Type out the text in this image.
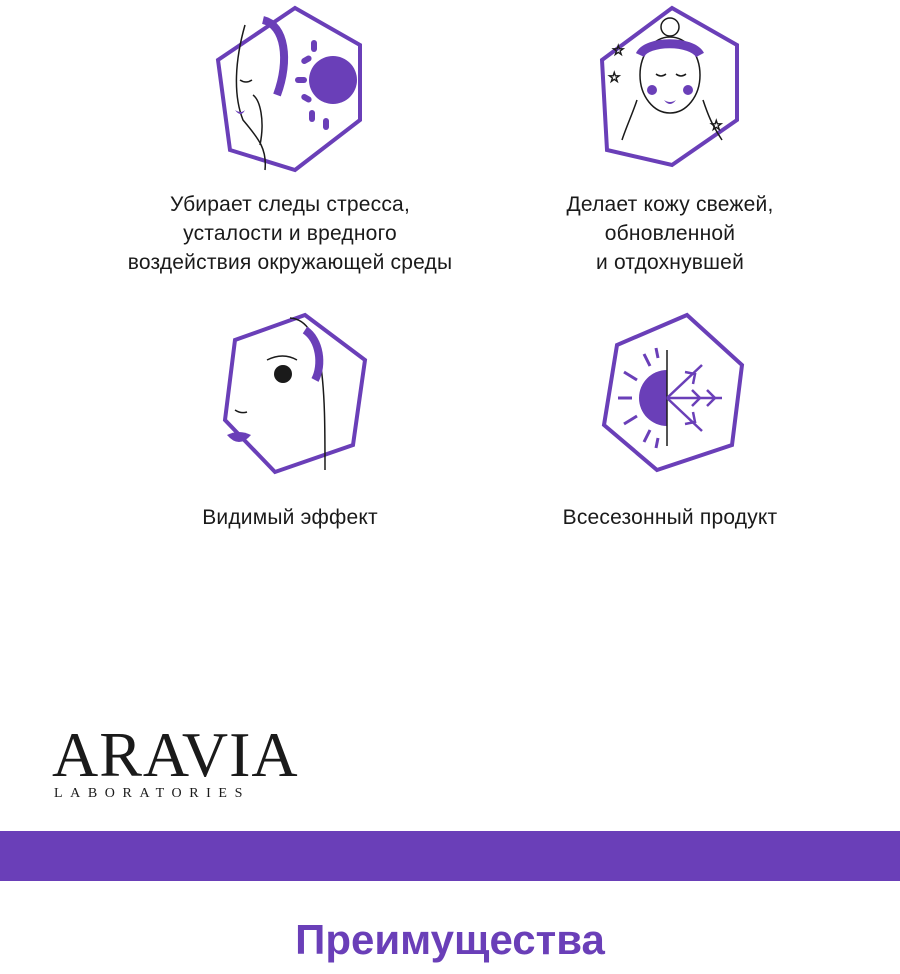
Убирает следы стресса,
усталости и вредного
воздействия окружающей среды
☆
☆
☆
Делает кожу свежей,
обновленной
и отдохнувшей
Видимый эффект	Всесезонный продукт
ARAVIA
LABORATORIES
Преимущества
